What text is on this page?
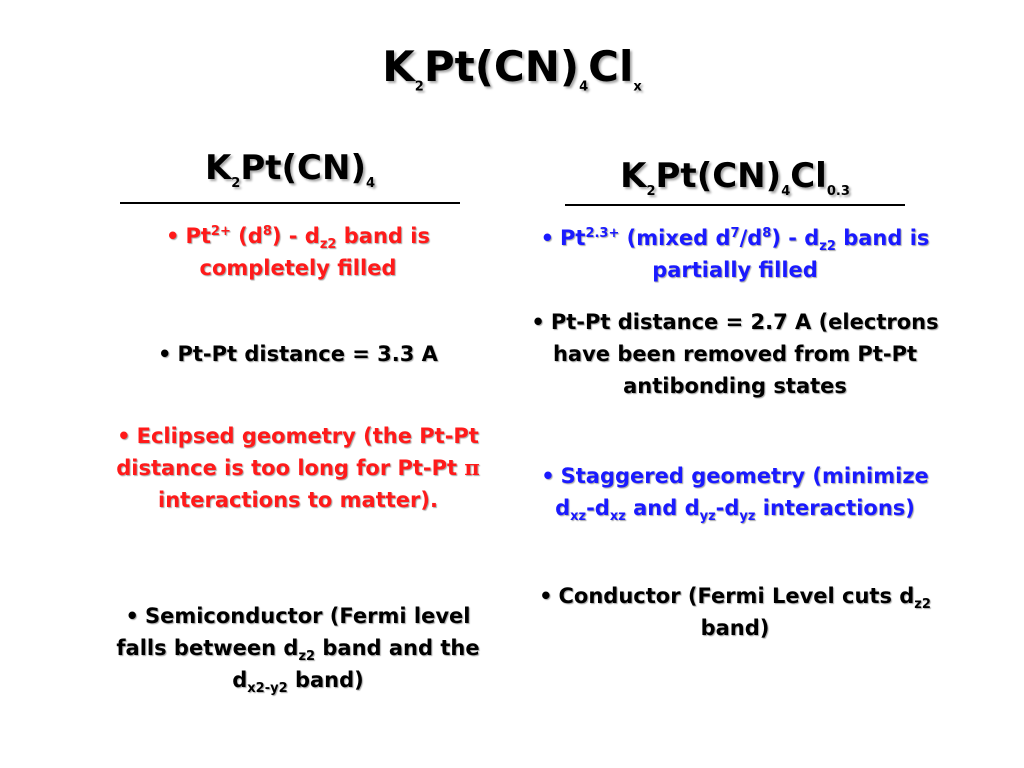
$K_2Pt(CN)_4Cl_x$
$K_2Pt(CN)_4$	$K_2Pt(CN)_4Cl_{0.3}$
• $Pt^{2+}$ $(d^8) - d_{z2}$ band is completely filled
• Pt-Pt distance = 3.3 A
• Eclipsed geometry (the Pt-Pt distance is too long for Pt-Pt π interactions to matter).
• Semiconductor (Fermi level falls between $d_{z2}$ band and the $d_{x2-y2}$ band)
• $Pt^{2.3+}$ (mixed $d^7/d^8) - d_{z2}$ band is partially filled
• Pt-Pt distance = 2.7 A (electrons have been removed from Pt-Pt antibonding states
• Staggered geometry (minimize $d_{xz}-d_{xz}$ and $d_{yz}-d_{yz}$ interactions)
• Conductor (Fermi Level cuts $d_{z2}$ band)
